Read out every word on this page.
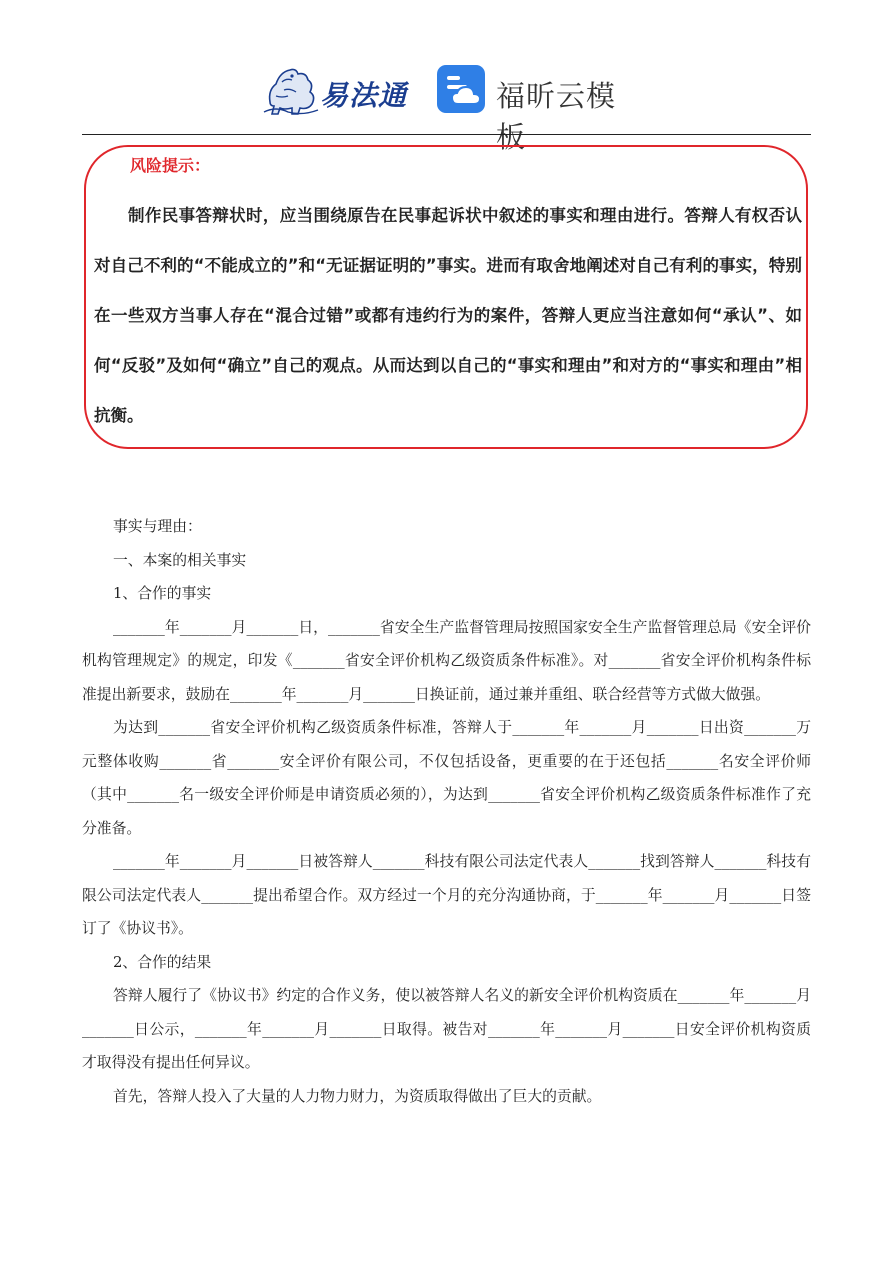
易法通	福昕云模板
风险提示：

制作民事答辩状时，应当围绕原告在民事起诉状中叙述的事实和理由进行。答辩人有权否认对自己不利的“不能成立的”和“无证据证明的”事实。进而有取舍地阐述对自己有利的事实，特别在一些双方当事人存在“混合过错”或都有违约行为的案件，答辩人更应当注意如何“承认”、如何“反驳”及如何“确立”自己的观点。从而达到以自己的“事实和理由”和对方的“事实和理由”相抗衡。

事实与理由：

一、本案的相关事实

1、合作的事实

_______年_______月_______日，_______省安全生产监督管理局按照国家安全生产监督管理总局《安全评价机构管理规定》的规定，印发《_______省安全评价机构乙级资质条件标准》。对_______省安全评价机构条件标准提出新要求，鼓励在_______年_______月_______日换证前，通过兼并重组、联合经营等方式做大做强。

为达到_______省安全评价机构乙级资质条件标准，答辩人于_______年_______月_______日出资_______万元整体收购_______省_______安全评价有限公司，不仅包括设备，更重要的在于还包括_______名安全评价师（其中_______名一级安全评价师是申请资质必须的），为达到_______省安全评价机构乙级资质条件标准作了充分准备。

_______年_______月_______日被答辩人_______科技有限公司法定代表人_______找到答辩人_______科技有限公司法定代表人_______提出希望合作。双方经过一个月的充分沟通协商，于_______年_______月_______日签订了《协议书》。

2、合作的结果

答辩人履行了《协议书》约定的合作义务，使以被答辩人名义的新安全评价机构资质在_______年_______月_______日公示，_______年_______月_______日取得。被告对_______年_______月_______日安全评价机构资质才取得没有提出任何异议。

首先，答辩人投入了大量的人力物力财力，为资质取得做出了巨大的贡献。
